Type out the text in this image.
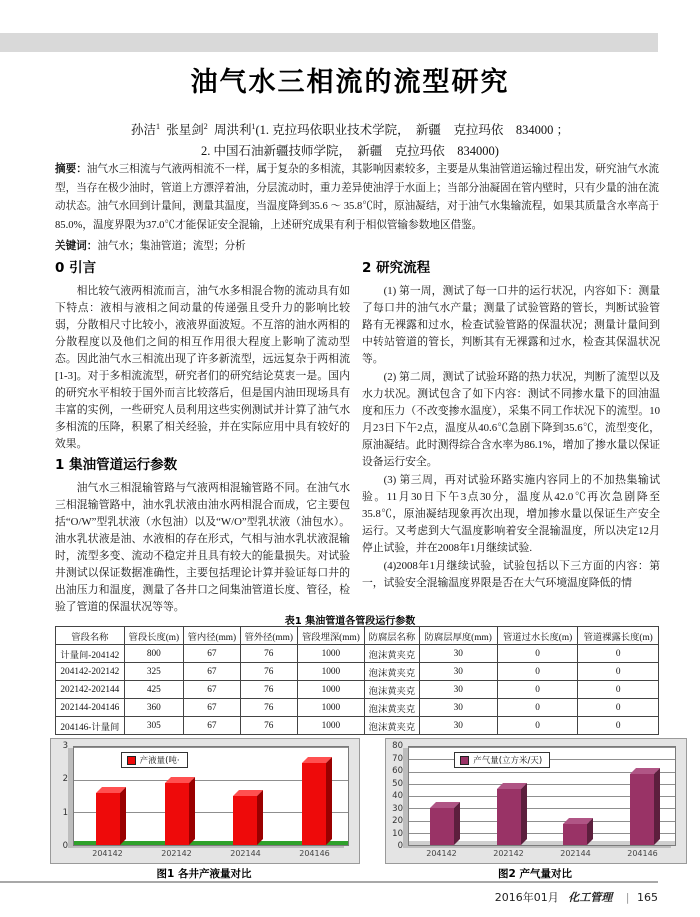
油气水三相流的流型研究
孙洁$^1$  张星剑$^2$  周洪利$^1$(1. 克拉玛依职业技术学院，　新疆　克拉玛依　834000 ；
2. 中国石油新疆技师学院，　新疆　克拉玛依　834000)
摘要：油气水三相流与气液两相流不一样，属于复杂的多相流，其影响因素较多，主要是从集油管道运输过程出发，研究油气水流型，当存在极少油时，管道上方漂浮着油，分层流动时，重力差异使油浮于水面上；当部分油凝固在管内壁时，只有少量的油在流动状态。油气水回到计量间，测量其温度，当温度降到35.6 ～ 35.8℃时，原油凝结，对于油气水集输流程，如果其质量含水率高于85.0%，温度界限为37.0℃才能保证安全混输，上述研究成果有利于相似管输参数地区借鉴。
关键词：油气水；集油管道；流型；分析
0 引言

相比较气液两相流而言，油气水多相混合物的流动具有如下特点：液相与液相之间动量的传递强且受升力的影响比较弱，分散相尺寸比较小，液液界面波短。不互溶的油水两相的分散程度以及他们之间的相互作用很大程度上影响了流动型态。因此油气水三相流出现了许多新流型，远远复杂于两相流[1-3]。对于多相流流型，研究者们的研究结论莫衷一是。国内的研究水平相较于国外而言比较落后，但是国内油田现场具有丰富的实例，一些研究人员利用这些实例测试并计算了油气水多相流的压降，积累了相关经验，并在实际应用中具有较好的效果。

1 集油管道运行参数

油气水三相混输管路与气液两相混输管路不同。在油气水三相混输管路中，油水乳状液由油水两相混合而成，它主要包括“O/W”型乳状液（水包油）以及“W/O”型乳状液（油包水）。油水乳状液是油、水液相的存在形式，气相与油水乳状液混输时，流型多变、流动不稳定并且具有较大的能量损失。对试验井测试以保证数据准确性，主要包括理论计算并验证每口井的出油压力和温度，测量了各井口之间集油管道长度、管径，检验了管道的保温状况等等。

2 研究流程

(1) 第一周，测试了每一口井的运行状况，内容如下：测量了每口井的油气水产量；测量了试验管路的管长，判断试验管路有无裸露和过水，检查试验管路的保温状况；测量计量间到中转站管道的管长，判断其有无裸露和过水，检查其保温状况等。

(2) 第二周，测试了试验环路的热力状况，判断了流型以及水力状况。测试包含了如下内容：测试不同掺水量下的回油温度和压力（不改变掺水温度），采集不同工作状况下的流型。10月23日下午2点，温度从40.6℃急剧下降到35.6℃，流型变化，原油凝结。此时测得综合含水率为86.1%，增加了掺水量以保证设备运行安全。

(3) 第三周，再对试验环路实施内容同上的不加热集输试验。11月30日下午3点30分，温度从42.0℃再次急剧降至35.8℃，原油凝结现象再次出现，增加掺水量以保证生产安全运行。又考虑到大气温度影响着安全混输温度，所以决定12月停止试验，并在2008年1月继续试验.

(4)2008年1月继续试验，试验包括以下三方面的内容：第一，试验安全混输温度界限是否在大气环境温度降低的情

表1 集油管道各管段运行参数
管段名称	管段长度(m)	管内径(mm)	管外径(mm)	管段埋深(mm)	防腐层名称	防腐层厚度(mm)	管道过水长度(m)	管道裸露长度(m)
计量间-204142	800	67	76	1000	泡沫黄夹克	30	0	0
204142-202142	325	67	76	1000	泡沫黄夹克	30	0	0
202142-202144	425	67	76	1000	泡沫黄夹克	30	0	0
202144-204146	360	67	76	1000	泡沫黄夹克	30	0	0
204146-计量间	305	67	76	1000	泡沫黄夹克	30	0	0
3
2
1
0
产液量(吨·
204142	202142	202144	204146
图1 各井产液量对比
80
70
60
50
40
30
20
10
0
产气量(立方米/天)
204142	202142	202144	204146
图2 产气量对比
2016年01月 化工管理 | 165
